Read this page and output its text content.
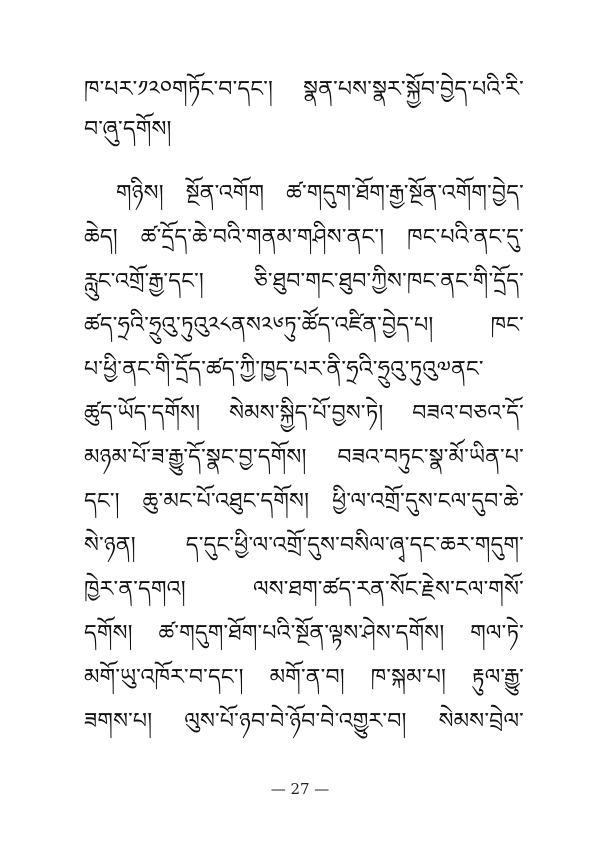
ཁ་པར་༡༢༠གཏོང་བ་དང་། སྣན་པས་སྣར་སྐྱོབ་བྱེད་པའི་རི་
བ་ཞུ་དགོས།
གཉིས། སྔོན་འགོག ཚ་གདུག་ཐོག་རྒྱ་སྔོན་འགོག་བྱེད་
ཆེད། ཚ་དྲོད་ཆེ་བའི་གནམ་གཤིས་ནང་། ཁང་པའི་ནང་དུ་
རླུང་འགྲོ་རྒྱ་དང་། ཅི་ཐུབ་གང་ཐུབ་ཀྱིས་ཁང་ནང་གི་དྲོད་
ཚད་ཧྲའི་ཧྲུའུ་ཏུའུ༢༨ནས༢༦ཏུ་ཚོད་འཛིན་བྱེད་པ། ཁང་
པ་ཕྱི་ནང་གི་དྲོད་ཚད་ཀྱི་ཁྱད་པར་ནི་ཧྲའི་ཧྲུའུ་ཏུའུ༧ནང་
ཚུད་ཡོད་དགོས། སེམས་སྐྱིད་པོ་བྱས་ཏེ། བཟའ་བཅའ་དོ་
མཉམ་པོ་ཟ་རྒྱུ་དོ་སྣང་བྱ་དགོས། བཟའ་བཏུང་སྣ་མོ་ཡིན་པ་
དང་། ཆུ་མང་པོ་འཐུང་དགོས། ཕྱི་ལ་འགྲོ་དུས་ངལ་དུབ་ཆེ་
སེ་ཉན། ད་དུང་ཕྱི་ལ་འགྲོ་དུས་བསིལ་ཞྭ་དང་ཆར་གདུག་
ཁྱེར་ན་དགའ། ལས་ཐག་ཚད་རན་སོང་རྗེས་ངལ་གསོ་
དགོས། ཚ་གདུག་ཐོག་པའི་སྔོན་ལྟས་ཤེས་དགོས། གལ་ཏེ་
མགོ་ཡུ་འཁོར་བ་དང་། མགོ་ན་བ། ཁ་སྐམ་པ། རྟུལ་རྒྱུ་
ཟགས་པ། ལུས་པོ་ཉབ་བེ་ཉོབ་བེ་འགྱུར་བ། སེམས་བྲེལ་
— 27 —
